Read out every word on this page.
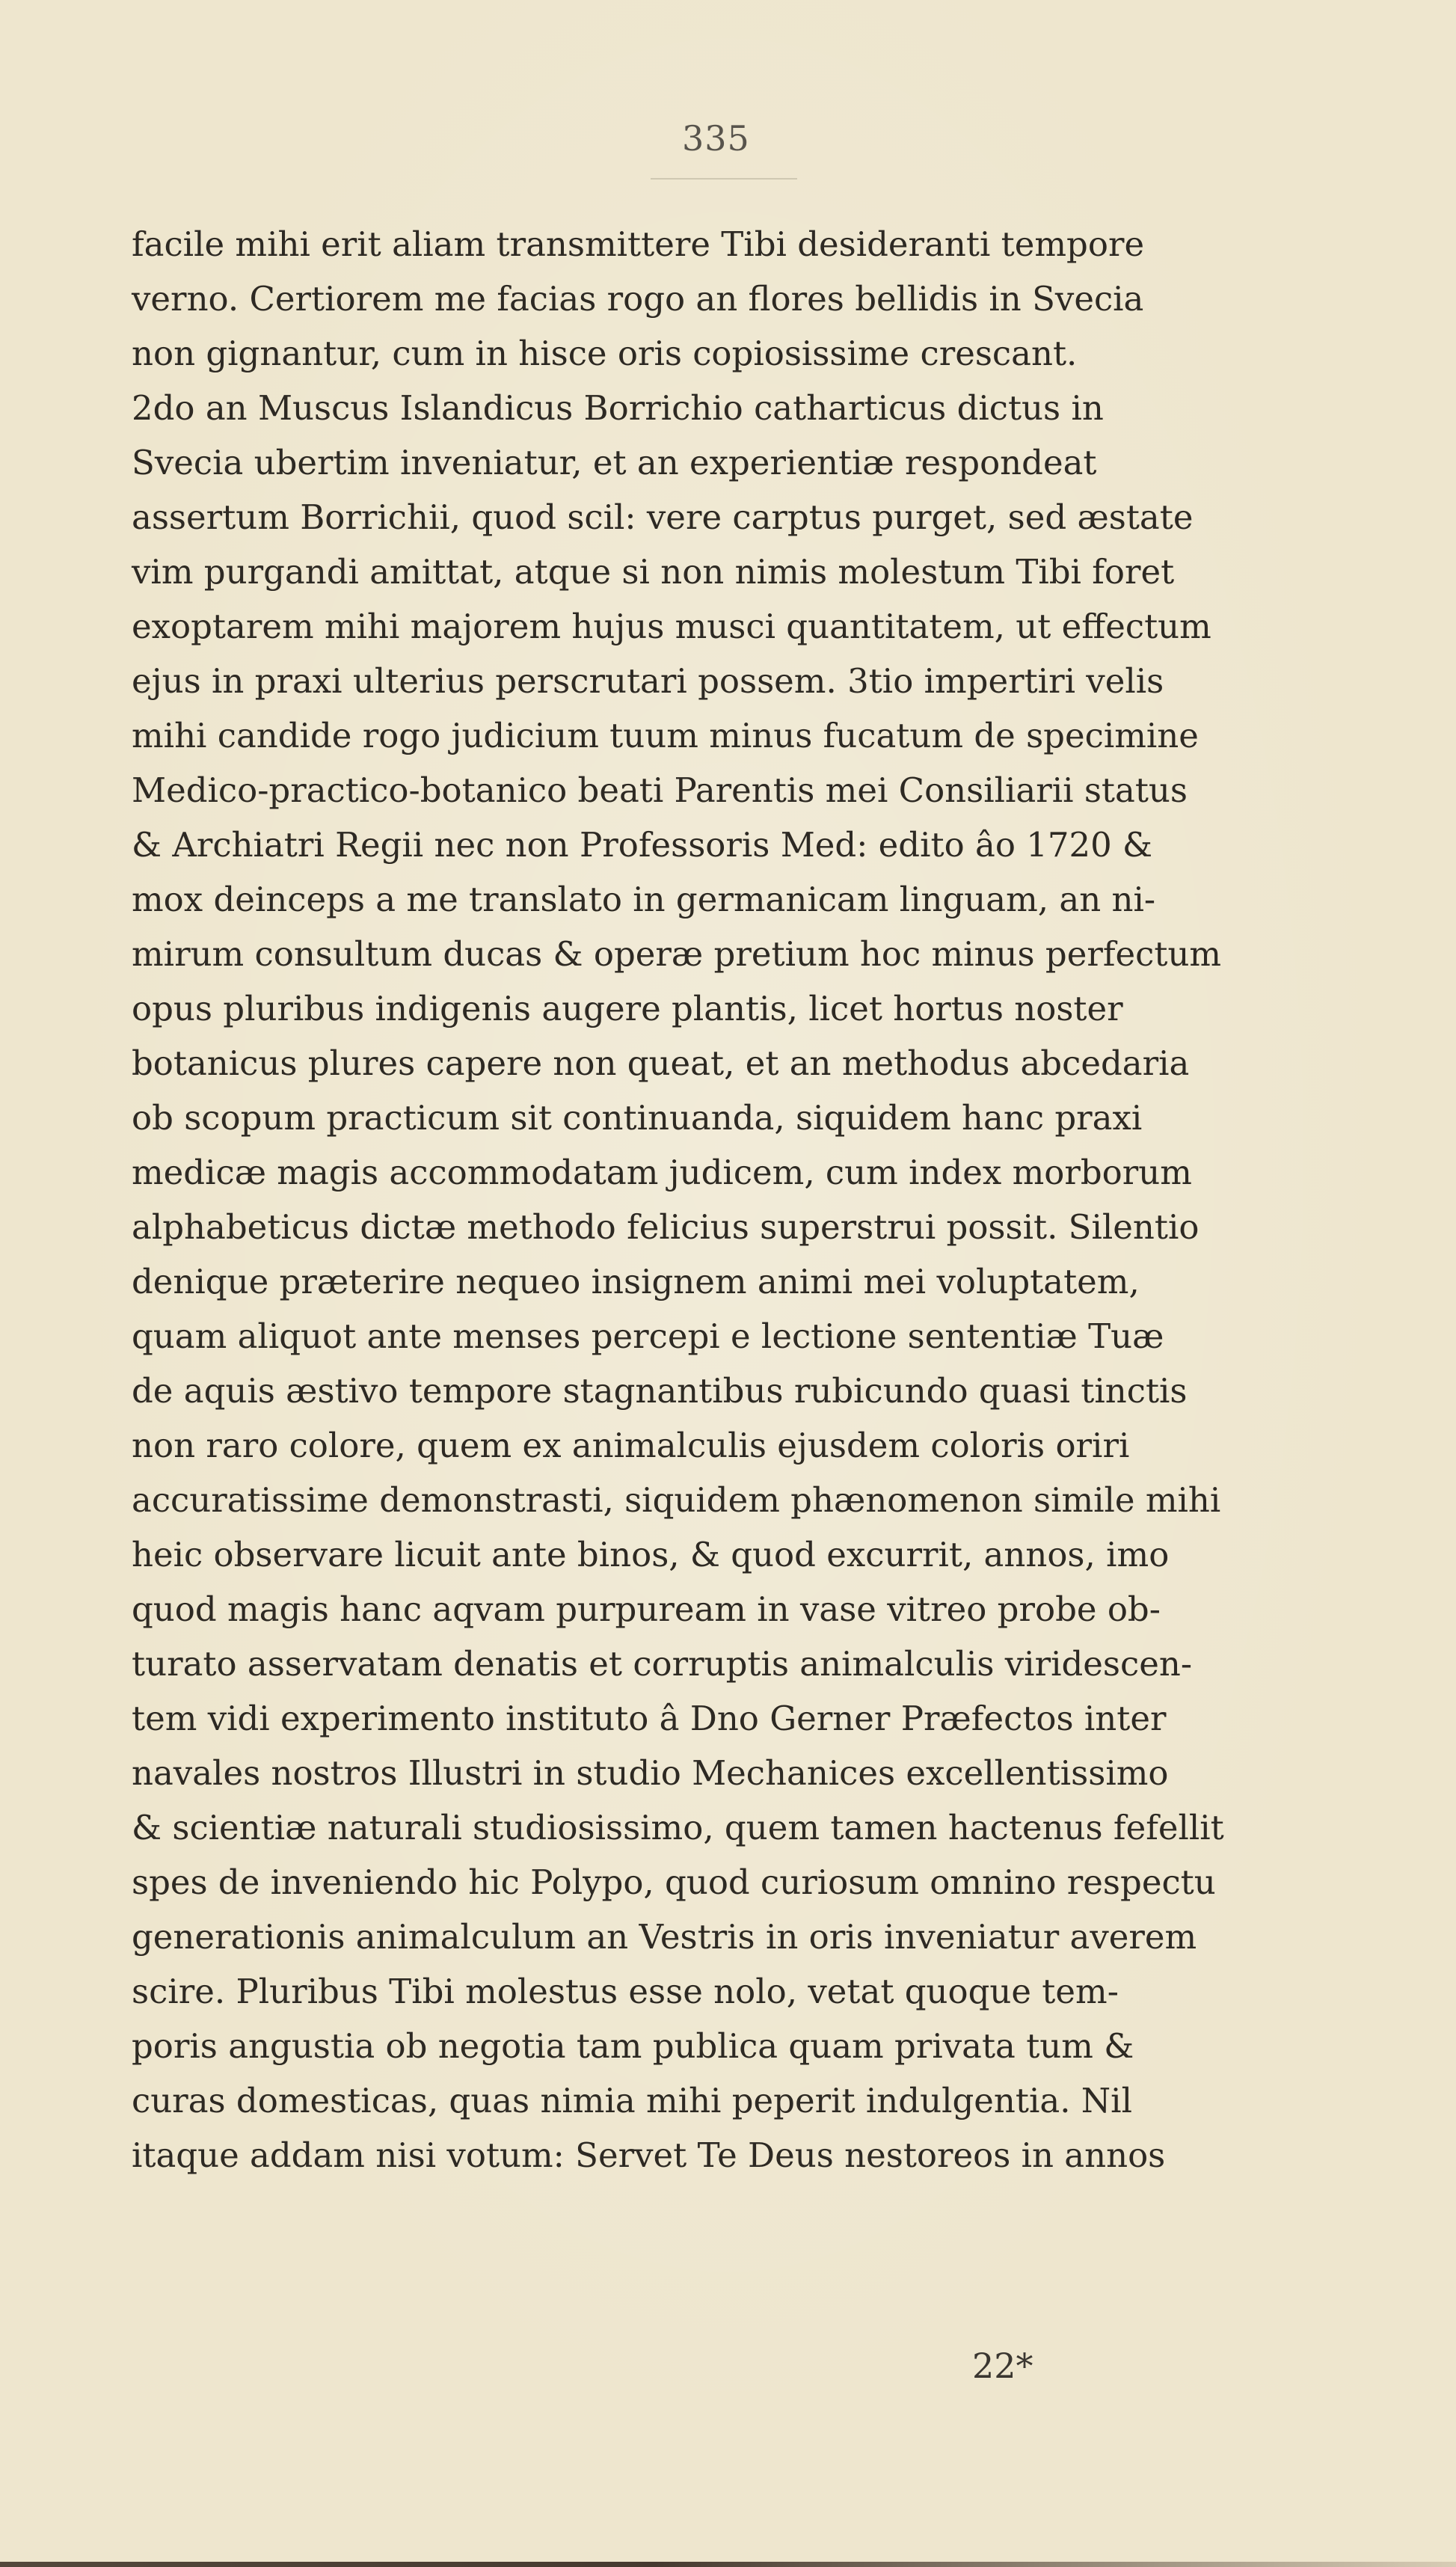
335
facile mihi erit aliam transmittere Tibi desideranti tempore
verno. Certiorem me facias rogo an flores bellidis in Svecia
non gignantur, cum in hisce oris copiosissime crescant.
2do an Muscus Islandicus Borrichio catharticus dictus in
Svecia ubertim inveniatur, et an experientiæ respondeat
assertum Borrichii, quod scil: vere carptus purget, sed æstate
vim purgandi amittat, atque si non nimis molestum Tibi foret
exoptarem mihi majorem hujus musci quantitatem, ut effectum
ejus in praxi ulterius perscrutari possem. 3tio impertiri velis
mihi candide rogo judicium tuum minus fucatum de specimine
Medico-practico-botanico beati Parentis mei Consiliarii status
& Archiatri Regii nec non Professoris Med: edito âo 1720 &
mox deinceps a me translato in germanicam linguam, an ni-
mirum consultum ducas & operæ pretium hoc minus perfectum
opus pluribus indigenis augere plantis, licet hortus noster
botanicus plures capere non queat, et an methodus abcedaria
ob scopum practicum sit continuanda, siquidem hanc praxi
medicæ magis accommodatam judicem, cum index morborum
alphabeticus dictæ methodo felicius superstrui possit. Silentio
denique præterire nequeo insignem animi mei voluptatem,
quam aliquot ante menses percepi e lectione sententiæ Tuæ
de aquis æstivo tempore stagnantibus rubicundo quasi tinctis
non raro colore, quem ex animalculis ejusdem coloris oriri
accuratissime demonstrasti, siquidem phænomenon simile mihi
heic observare licuit ante binos, & quod excurrit, annos, imo
quod magis hanc aqvam purpuream in vase vitreo probe ob-
turato asservatam denatis et corruptis animalculis viridescen-
tem vidi experimento instituto â Dno Gerner Præfectos inter
navales nostros Illustri in studio Mechanices excellentissimo
& scientiæ naturali studiosissimo, quem tamen hactenus fefellit
spes de inveniendo hic Polypo, quod curiosum omnino respectu
generationis animalculum an Vestris in oris inveniatur averem
scire. Pluribus Tibi molestus esse nolo, vetat quoque tem-
poris angustia ob negotia tam publica quam privata tum &
curas domesticas, quas nimia mihi peperit indulgentia. Nil
itaque addam nisi votum: Servet Te Deus nestoreos in annos
22*
